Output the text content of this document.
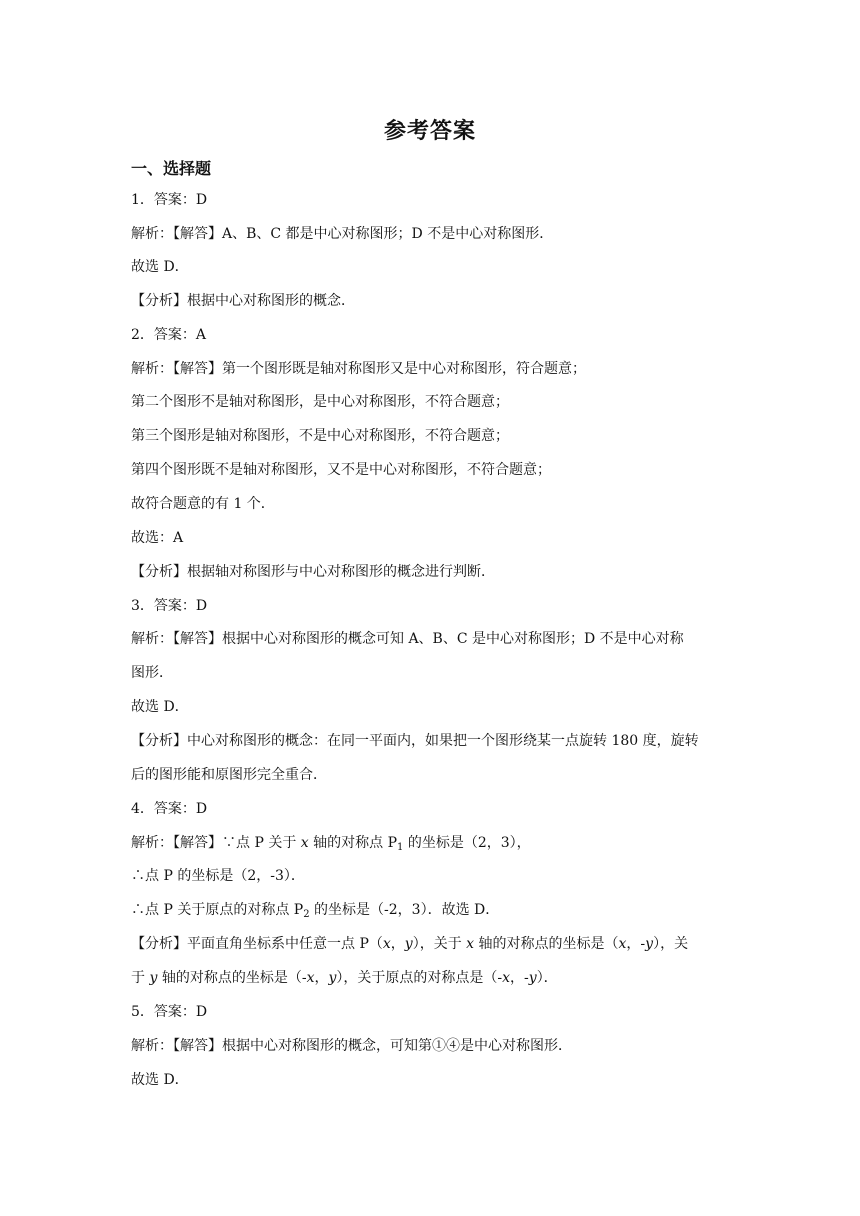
参考答案
一、选择题
1．答案：D
解析：【解答】A、B、C 都是中心对称图形；D 不是中心对称图形．
故选 D．
【分析】根据中心对称图形的概念．
2．答案：A
解析：【解答】第一个图形既是轴对称图形又是中心对称图形，符合题意；
第二个图形不是轴对称图形，是中心对称图形，不符合题意；
第三个图形是轴对称图形，不是中心对称图形，不符合题意；
第四个图形既不是轴对称图形，又不是中心对称图形，不符合题意；
故符合题意的有 1 个．
故选：A
【分析】根据轴对称图形与中心对称图形的概念进行判断．
3．答案：D
解析：【解答】根据中心对称图形的概念可知 A、B、C 是中心对称图形；D 不是中心对称
图形．
故选 D．
【分析】中心对称图形的概念：在同一平面内，如果把一个图形绕某一点旋转 180 度，旋转
后的图形能和原图形完全重合．
4．答案：D
解析：【解答】∵点 P 关于 x 轴的对称点 $P_1$ 的坐标是（2，3），
∴点 P 的坐标是（2，-3）．
∴点 P 关于原点的对称点 $P_2$ 的坐标是（-2，3）．故选 D．
【分析】平面直角坐标系中任意一点 P（x，y），关于 x 轴的对称点的坐标是（x，-y），关
于 y 轴的对称点的坐标是（-x，y），关于原点的对称点是（-x，-y）．
5．答案：D
解析：【解答】根据中心对称图形的概念，可知第①④是中心对称图形．
故选 D．
